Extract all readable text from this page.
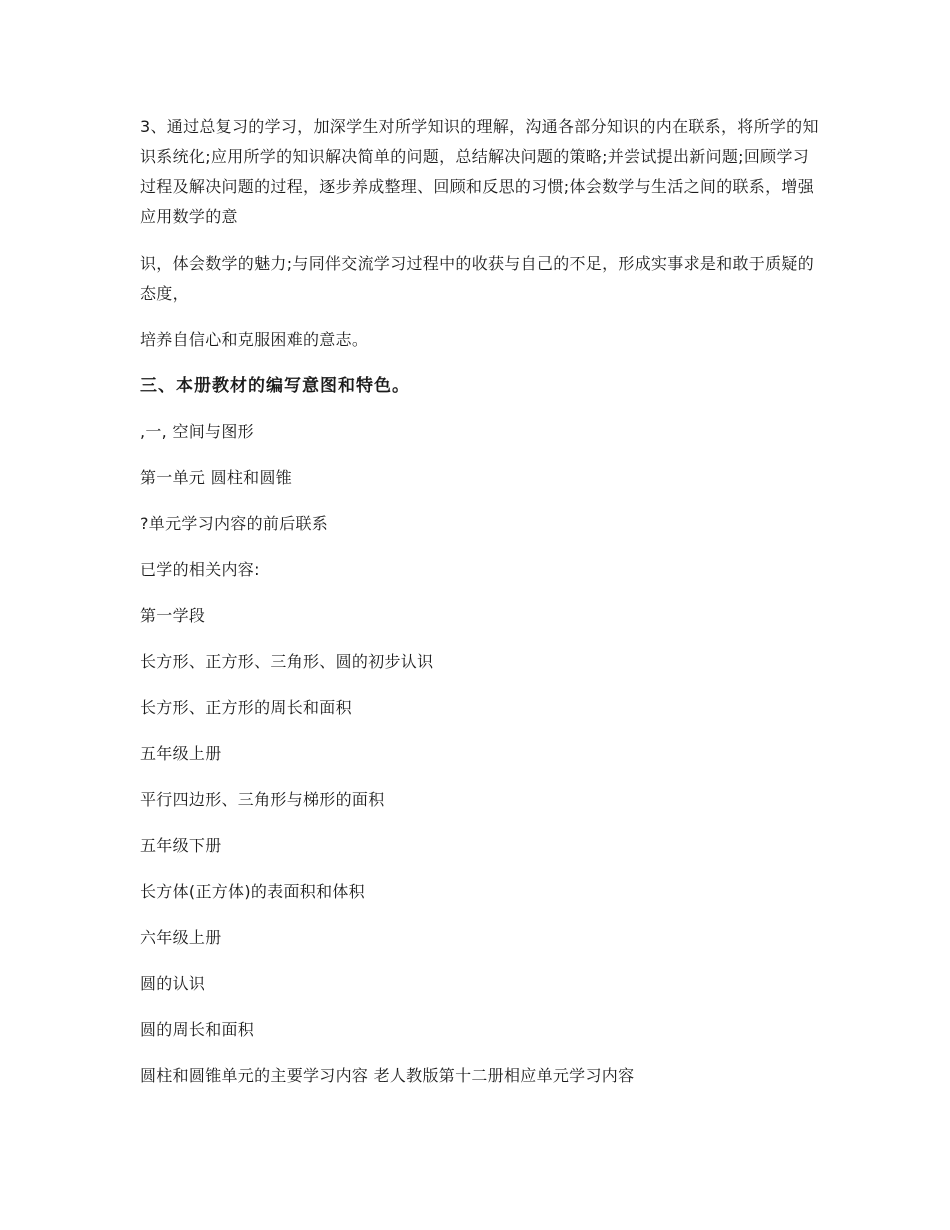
3、通过总复习的学习，加深学生对所学知识的理解，沟通各部分知识的内在联系，将所学的知识系统化;应用所学的知识解决简单的问题，总结解决问题的策略;并尝试提出新问题;回顾学习过程及解决问题的过程，逐步养成整理、回顾和反思的习惯;体会数学与生活之间的联系，增强应用数学的意

识，体会数学的魅力;与同伴交流学习过程中的收获与自己的不足，形成实事求是和敢于质疑的态度，

培养自信心和克服困难的意志。

三、本册教材的编写意图和特色。

,一, 空间与图形

第一单元 圆柱和圆锥

?单元学习内容的前后联系

已学的相关内容:

第一学段

长方形、正方形、三角形、圆的初步认识

长方形、正方形的周长和面积

五年级上册

平行四边形、三角形与梯形的面积

五年级下册

长方体(正方体)的表面积和体积

六年级上册

圆的认识

圆的周长和面积

圆柱和圆锥单元的主要学习内容 老人教版第十二册相应单元学习内容
